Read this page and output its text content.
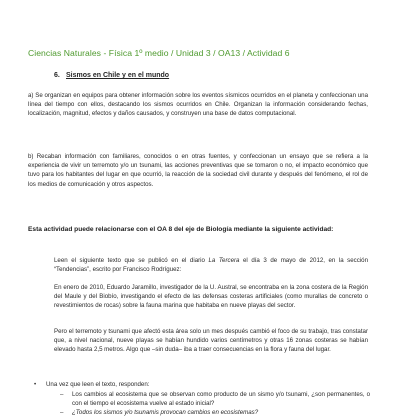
Ciencias Naturales - Física 1º medio / Unidad 3 / OA13 / Actividad 6
6. Sismos en Chile y en el mundo

a) Se organizan en equipos para obtener información sobre los eventos sísmicos ocurridos en el planeta y confeccionan una línea del tiempo con ellos, destacando los sismos ocurridos en Chile. Organizan la información considerando fechas, localización, magnitud, efectos y daños causados, y construyen una base de datos computacional.

b) Recaban información con familiares, conocidos o en otras fuentes, y confeccionan un ensayo que se refiera a la experiencia de vivir un terremoto y/o un tsunami, las acciones preventivas que se tomaron o no, el impacto económico que tuvo para los habitantes del lugar en que ocurrió, la reacción de la sociedad civil durante y después del fenómeno, el rol de los medios de comunicación y otros aspectos.

Esta actividad puede relacionarse con el OA 8 del eje de Biología mediante la siguiente actividad:

Leen el siguiente texto que se publicó en el diario La Tercera el día 3 de mayo de 2012, en la sección “Tendencias”, escrito por Francisco Rodríguez:

En enero de 2010, Eduardo Jaramillo, investigador de la U. Austral, se encontraba en la zona costera de la Región del Maule y del Biobío, investigando el efecto de las defensas costeras artificiales (como murallas de concreto o revestimientos de rocas) sobre la fauna marina que habitaba en nueve playas del sector.

Pero el terremoto y tsunami que afectó esta área solo un mes después cambió el foco de su trabajo, tras constatar que, a nivel nacional, nueve playas se habían hundido varios centímetros y otras 16 zonas costeras se habían elevado hasta 2,5 metros. Algo que –sin duda– iba a traer consecuencias en la flora y fauna del lugar.

• Una vez que leen el texto, responden:
– Los cambios al ecosistema que se observan como producto de un sismo y/o tsunami, ¿son permanentes, o con el tiempo el ecosistema vuelve al estado inicial?
– ¿Todos los sismos y/o tsunamis provocan cambios en ecosistemas?
